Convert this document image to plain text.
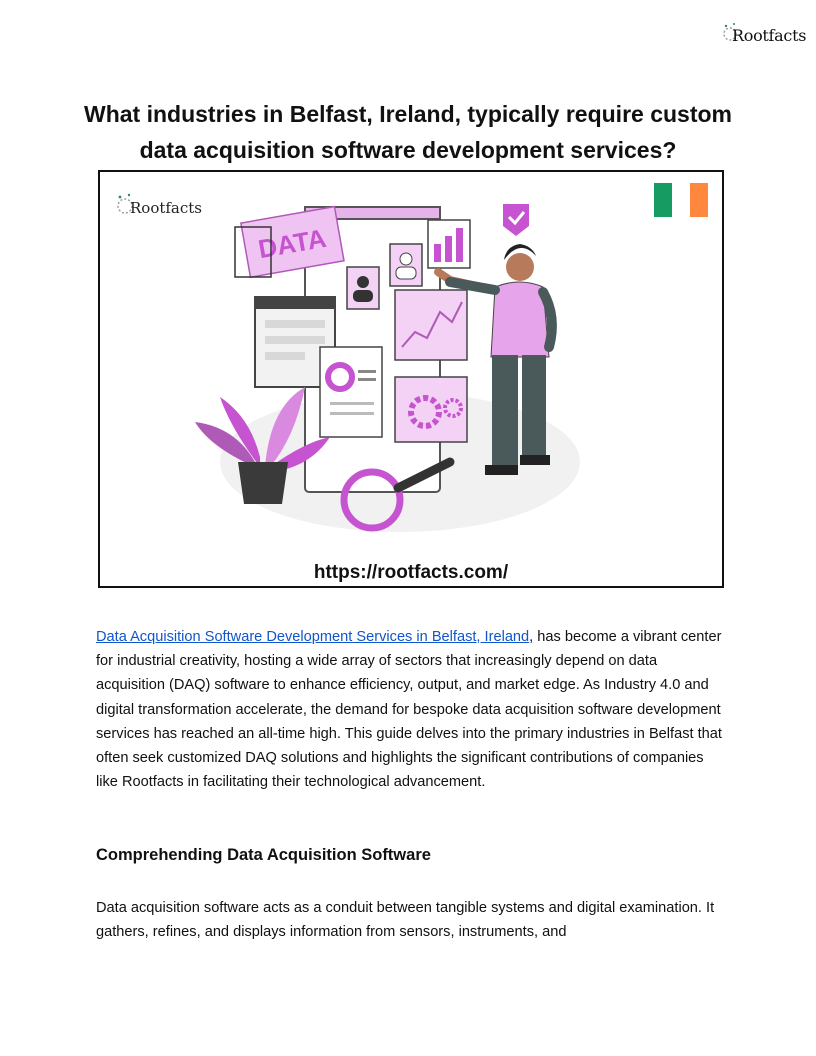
Rootfacts
What industries in Belfast, Ireland, typically require custom data acquisition software development services?
DATA
Rootfacts
https://rootfacts.com/

Data Acquisition Software Development Services in Belfast, Ireland, has become a vibrant center for industrial creativity, hosting a wide array of sectors that increasingly depend on data acquisition (DAQ) software to enhance efficiency, output, and market edge. As Industry 4.0 and digital transformation accelerate, the demand for bespoke data acquisition software development services has reached an all-time high. This guide delves into the primary industries in Belfast that often seek customized DAQ solutions and highlights the significant contributions of companies like Rootfacts in facilitating their technological advancement.

Comprehending Data Acquisition Software

Data acquisition software acts as a conduit between tangible systems and digital examination. It gathers, refines, and displays information from sensors, instruments, and
